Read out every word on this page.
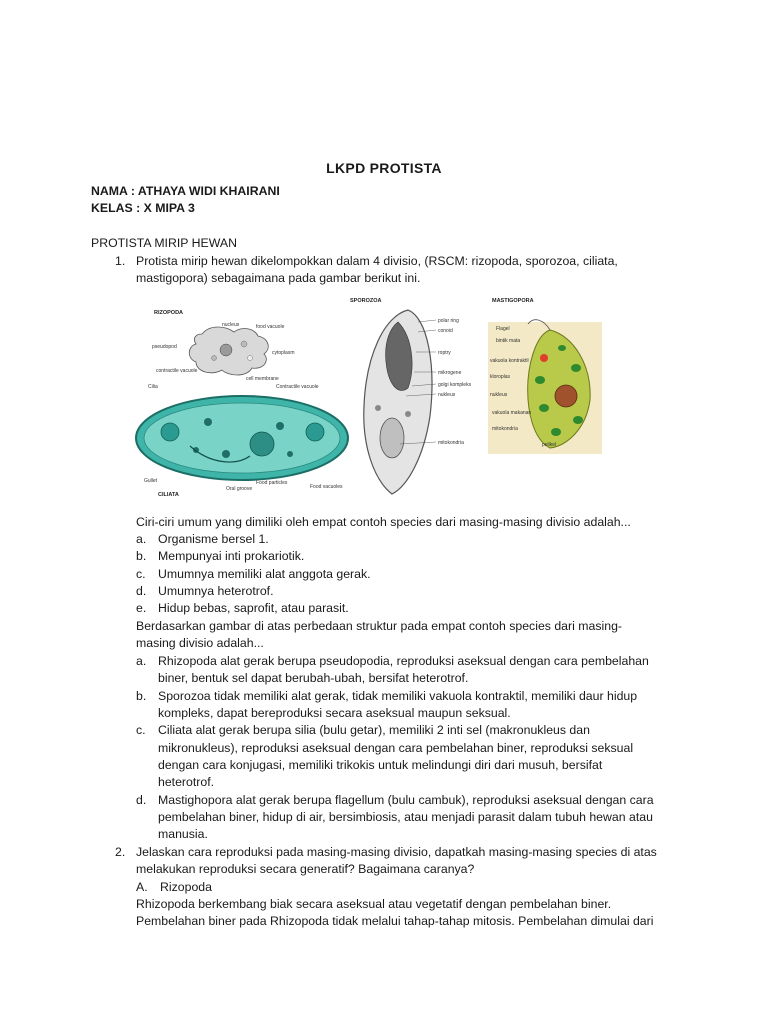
LKPD PROTISTA
NAMA : ATHAYA WIDI KHAIRANI
KELAS : X MIPA 3
PROTISTA MIRIP HEWAN
1. Protista mirip hewan dikelompokkan dalam 4 divisio, (RSCM: rizopoda, sporozoa, ciliata,
mastigopora) sebagaimana pada gambar berikut ini.
RIZOPODA
nucleus	food vacuole
pseudopod
cytoplasm
contractile vacuole
cell membrane
Cilia	Contractile vacuole
Gullet
Oral groove
Food particles
Food vacuoles
CILIATA
SPOROZOA
polar ring
conoid
roptry
mikrogene
golgi kompleks
nukleus
mitokondria
MASTIGOPORA
Flagel
bintik mata
vakuola kontraktil
kloroplas
nukleus
vakuola makanan
mitokondria
pelikel
Ciri-ciri umum yang dimiliki oleh empat contoh species dari masing-masing divisio adalah...
a. Organisme bersel 1.
b. Mempunyai inti prokariotik.
c. Umumnya memiliki alat anggota gerak.
d. Umumnya heterotrof.
e. Hidup bebas, saprofit, atau parasit.
Berdasarkan gambar di atas perbedaan struktur pada empat contoh species dari masing-
masing divisio adalah...
a. Rhizopoda alat gerak berupa pseudopodia, reproduksi aseksual dengan cara pembelahan
biner, bentuk sel dapat berubah-ubah, bersifat heterotrof.
b. Sporozoa tidak memiliki alat gerak, tidak memiliki vakuola kontraktil, memiliki daur hidup
kompleks, dapat bereproduksi secara aseksual maupun seksual.
c. Ciliata alat gerak berupa silia (bulu getar), memiliki 2 inti sel (makronukleus dan
mikronukleus), reproduksi aseksual dengan cara pembelahan biner, reproduksi seksual
dengan cara konjugasi, memiliki trikokis untuk melindungi diri dari musuh, bersifat
heterotrof.
d. Mastighopora alat gerak berupa flagellum (bulu cambuk), reproduksi aseksual dengan cara
pembelahan biner, hidup di air, bersimbiosis, atau menjadi parasit dalam tubuh hewan atau
manusia.
2. Jelaskan cara reproduksi pada masing-masing divisio, dapatkah masing-masing species di atas
melakukan reproduksi secara generatif? Bagaimana caranya?
A. Rizopoda
Rhizopoda berkembang biak secara aseksual atau vegetatif dengan pembelahan biner.
Pembelahan biner pada Rhizopoda tidak melalui tahap-tahap mitosis. Pembelahan dimulai dari
